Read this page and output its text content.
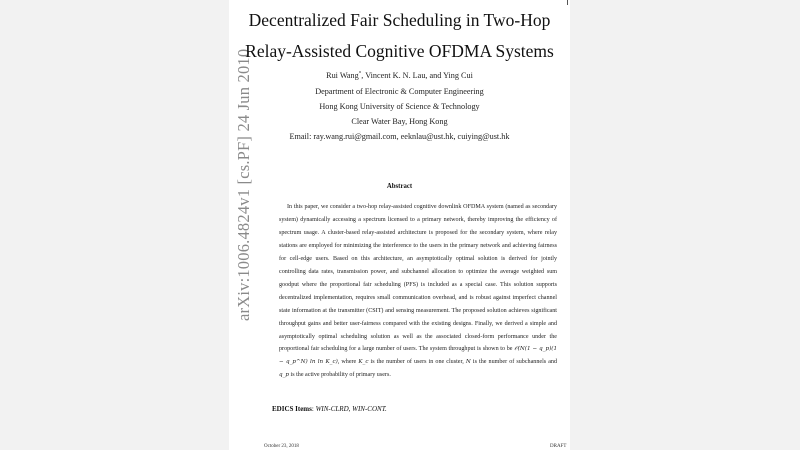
arXiv:1006.4824v1 [cs.PF] 24 Jun 2010
Decentralized Fair Scheduling in Two-Hop
Relay-Assisted Cognitive OFDMA Systems
Rui Wang*, Vincent K. N. Lau, and Ying Cui
Department of Electronic & Computer Engineering
Hong Kong University of Science & Technology
Clear Water Bay, Hong Kong
Email: ray.wang.rui@gmail.com, eeknlau@ust.hk, cuiying@ust.hk
Abstract
In this paper, we consider a two-hop relay-assisted cognitive downlink OFDMA system (named as secondary system) dynamically accessing a spectrum licensed to a primary network, thereby improving the efficiency of spectrum usage. A cluster-based relay-assisted architecture is proposed for the secondary system, where relay stations are employed for minimizing the interference to the users in the primary network and achieving fairness for cell-edge users. Based on this architecture, an asymptotically optimal solution is derived for jointly controlling data rates, transmission power, and subchannel allocation to optimize the average weighted sum goodput where the proportional fair scheduling (PFS) is included as a special case. This solution supports decentralized implementation, requires small communication overhead, and is robust against imperfect channel state information at the transmitter (CSIT) and sensing measurement. The proposed solution achieves significant throughput gains and better user-fairness compared with the existing designs. Finally, we derived a simple and asymptotically optimal scheduling solution as well as the associated closed-form performance under the proportional fair scheduling for a large number of users. The system throughput is shown to be 𝒪(N(1 − q_p)(1 − q_p^N) ln ln K_c), where K_c is the number of users in one cluster, N is the number of subchannels and q_p is the active probability of primary users.
EDICS Items: WIN-CLRD, WIN-CONT.
October 23, 2018	DRAFT
